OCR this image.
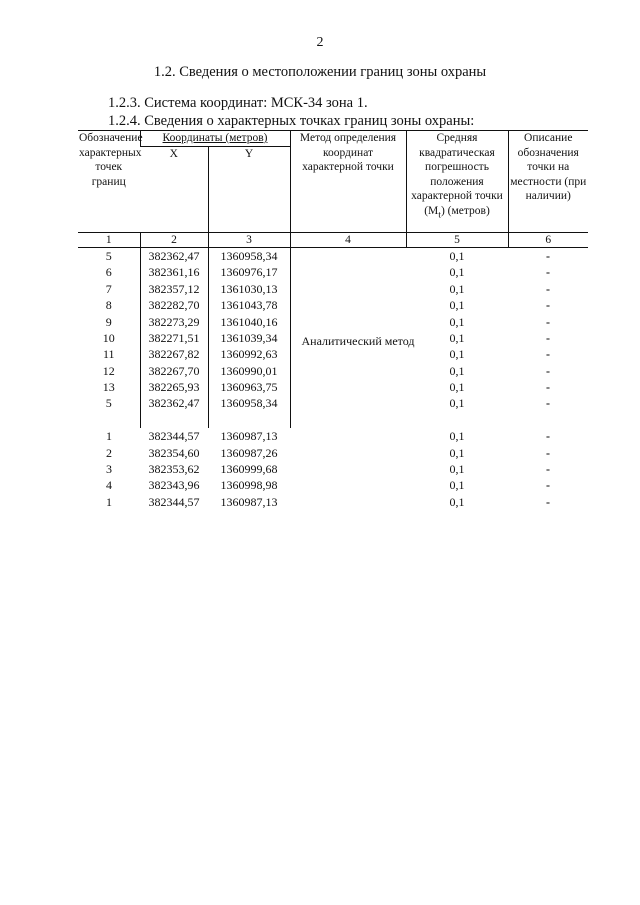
2
1.2. Сведения о местоположении границ зоны охраны
1.2.3. Система координат: МСК-34 зона 1.
1.2.4. Сведения о характерных точках границ зоны охраны:
Обозначение характерных точек границ	Координаты (метров)		Метод определения координат характерной точки	Средняя квадратическая погрешность положения характерной точки $(M_t)$ (метров)	Описание обозначения точки на местности (при наличии)
	X	Y			
1	2	3	4	5	6
5	382362,47	1360958,34		0,1	-
6	382361,16	1360976,17		0,1	-
7	382357,12	1361030,13		0,1	-
8	382282,70	1361043,78		0,1	-
9	382273,29	1361040,16		0,1	-
10	382271,51	1361039,34		0,1	-
11	382267,82	1360992,63		0,1	-
12	382267,70	1360990,01		0,1	-
13	382265,93	1360963,75		0,1	-
5	382362,47	1360958,34		0,1	-

1	382344,57	1360987,13		0,1	-
2	382354,60	1360987,26		0,1	-
3	382353,62	1360999,68		0,1	-
4	382343,96	1360998,98		0,1	-
1	382344,57	1360987,13		0,1	-
Аналитический метод
